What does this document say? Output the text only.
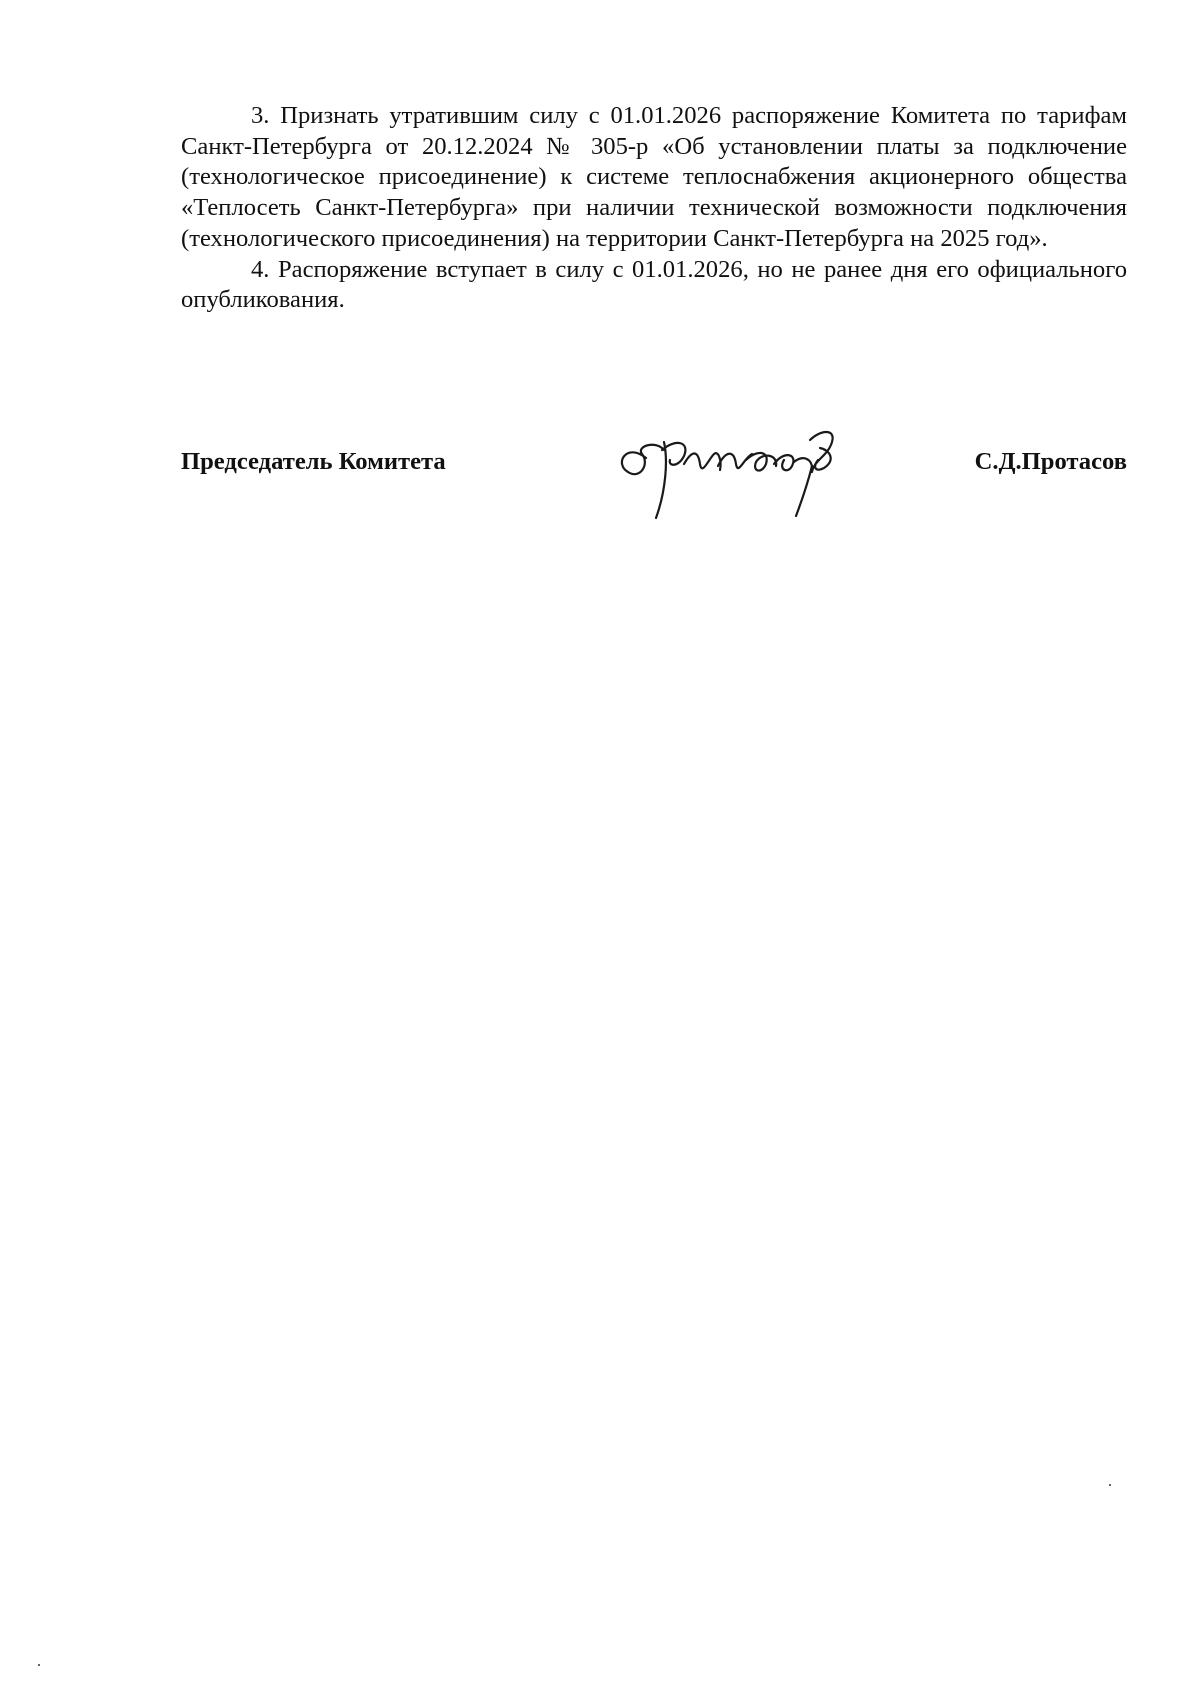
3. Признать утратившим силу с 01.01.2026 распоряжение Комитета по тарифам Санкт-Петербурга от 20.12.2024 № 305-р «Об установлении платы за подключение (технологическое присоединение) к системе теплоснабжения акционерного общества «Теплосеть Санкт-Петербурга» при наличии технической возможности подключения (технологического присоединения) на территории Санкт-Петербурга на 2025 год».

4. Распоряжение вступает в силу с 01.01.2026, но не ранее дня его официального опубликования.

Председатель Комитета	С.Д.Протасов
